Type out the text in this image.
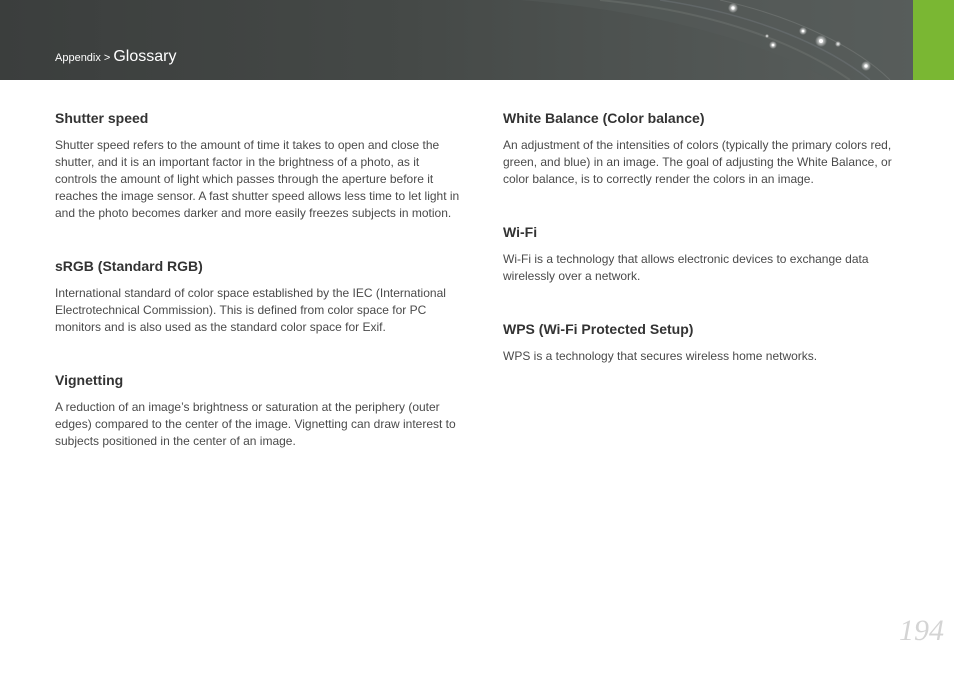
Appendix > Glossary
Shutter speed

Shutter speed refers to the amount of time it takes to open and close the shutter, and it is an important factor in the brightness of a photo, as it controls the amount of light which passes through the aperture before it reaches the image sensor. A fast shutter speed allows less time to let light in and the photo becomes darker and more easily freezes subjects in motion.

sRGB (Standard RGB)

International standard of color space established by the IEC (International Electrotechnical Commission). This is defined from color space for PC monitors and is also used as the standard color space for Exif.

Vignetting

A reduction of an image’s brightness or saturation at the periphery (outer edges) compared to the center of the image. Vignetting can draw interest to subjects positioned in the center of an image.

White Balance (Color balance)

An adjustment of the intensities of colors (typically the primary colors red, green, and blue) in an image. The goal of adjusting the White Balance, or color balance, is to correctly render the colors in an image.

Wi-Fi

Wi-Fi is a technology that allows electronic devices to exchange data wirelessly over a network.

WPS (Wi-Fi Protected Setup)

WPS is a technology that secures wireless home networks.

194
